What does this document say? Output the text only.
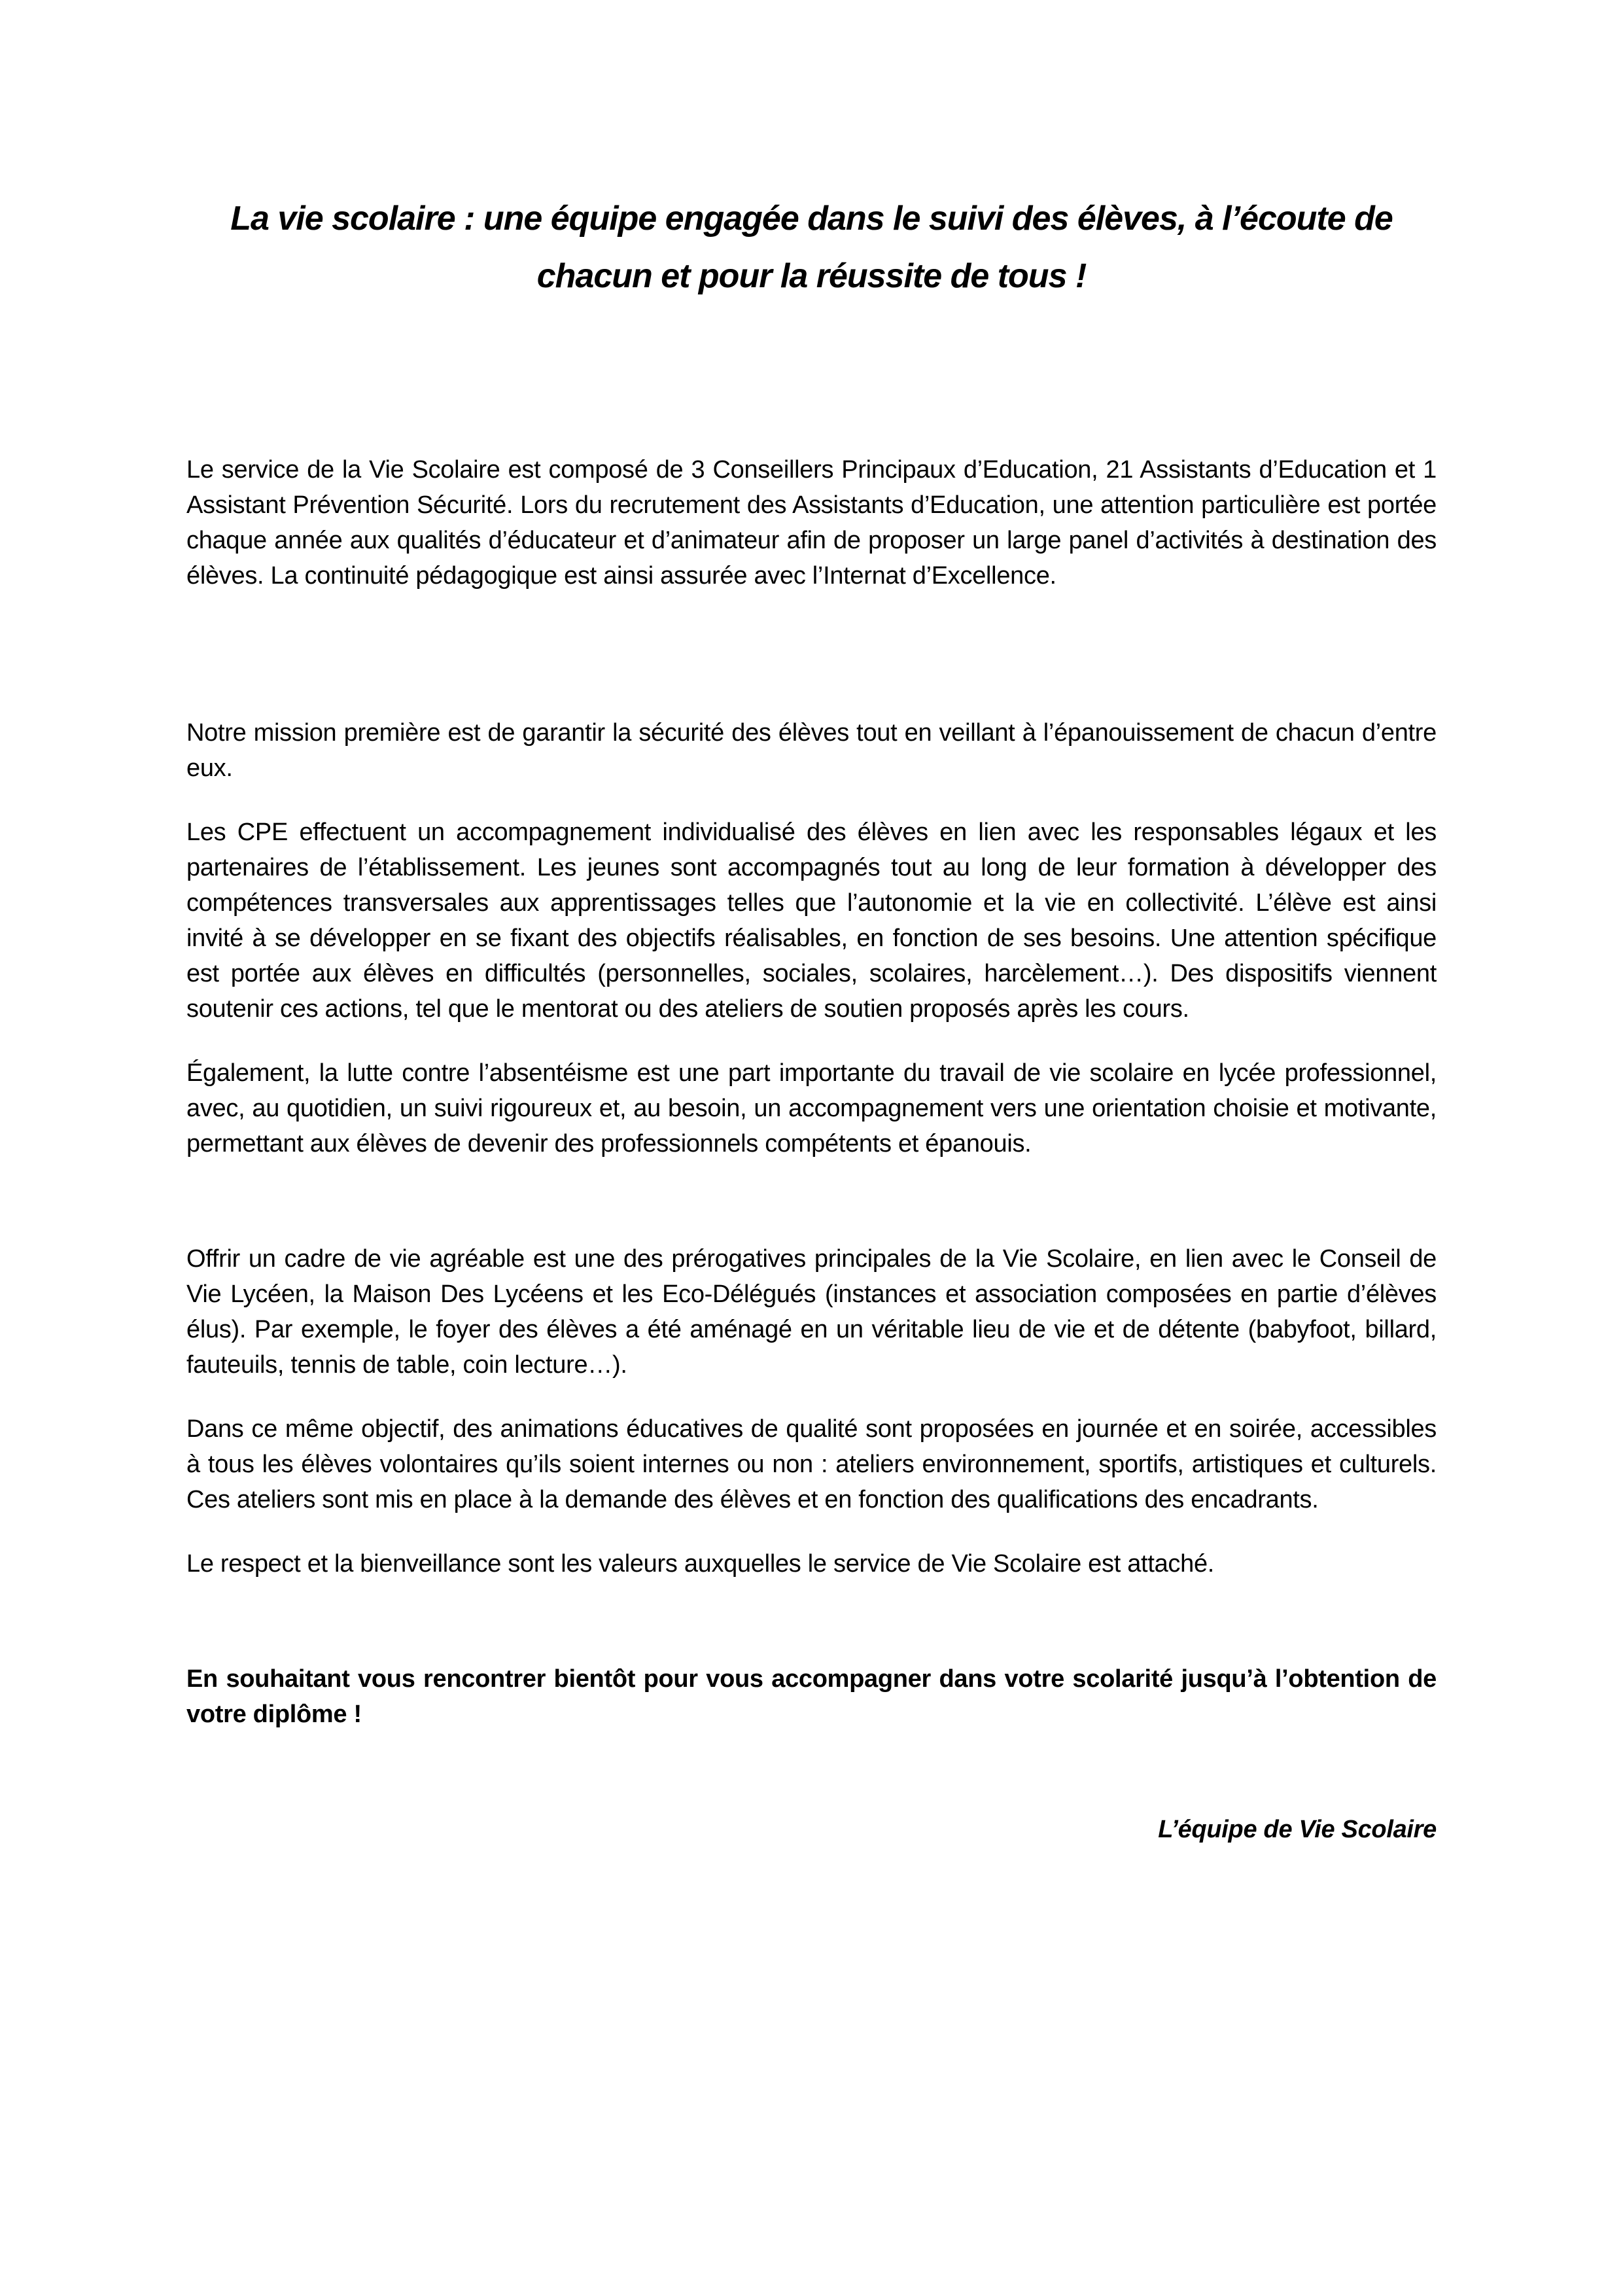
La vie scolaire : une équipe engagée dans le suivi des élèves, à l’écoute de chacun et pour la réussite de tous !

Le service de la Vie Scolaire est composé de 3 Conseillers Principaux d’Education, 21 Assistants d’Education et 1 Assistant Prévention Sécurité. Lors du recrutement des Assistants d’Education, une attention particulière est portée chaque année aux qualités d’éducateur et d’animateur afin de proposer un large panel d’activités à destination des élèves. La continuité pédagogique est ainsi assurée avec l’Internat d’Excellence.

Notre mission première est de garantir la sécurité des élèves tout en veillant à l’épanouissement de chacun d’entre eux.

Les CPE effectuent un accompagnement individualisé des élèves en lien avec les responsables légaux et les partenaires de l’établissement. Les jeunes sont accompagnés tout au long de leur formation à développer des compétences transversales aux apprentissages telles que l’autonomie et la vie en collectivité. L’élève est ainsi invité à se développer en se fixant des objectifs réalisables, en fonction de ses besoins. Une attention spécifique est portée aux élèves en difficultés (personnelles, sociales, scolaires, harcèlement…). Des dispositifs viennent soutenir ces actions, tel que le mentorat ou des ateliers de soutien proposés après les cours.

Également, la lutte contre l’absentéisme est une part importante du travail de vie scolaire en lycée professionnel, avec, au quotidien, un suivi rigoureux et, au besoin, un accompagnement vers une orientation choisie et motivante, permettant aux élèves de devenir des professionnels compétents et épanouis.

Offrir un cadre de vie agréable est une des prérogatives principales de la Vie Scolaire, en lien avec le Conseil de Vie Lycéen, la Maison Des Lycéens et les Eco-Délégués (instances et association composées en partie d’élèves élus). Par exemple, le foyer des élèves a été aménagé en un véritable lieu de vie et de détente (babyfoot, billard, fauteuils, tennis de table, coin lecture…).

Dans ce même objectif, des animations éducatives de qualité sont proposées en journée et en soirée, accessibles à tous les élèves volontaires qu’ils soient internes ou non : ateliers environnement, sportifs, artistiques et culturels. Ces ateliers sont mis en place à la demande des élèves et en fonction des qualifications des encadrants.

Le respect et la bienveillance sont les valeurs auxquelles le service de Vie Scolaire est attaché.

En souhaitant vous rencontrer bientôt pour vous accompagner dans votre scolarité jusqu’à l’obtention de votre diplôme !

L’équipe de Vie Scolaire
